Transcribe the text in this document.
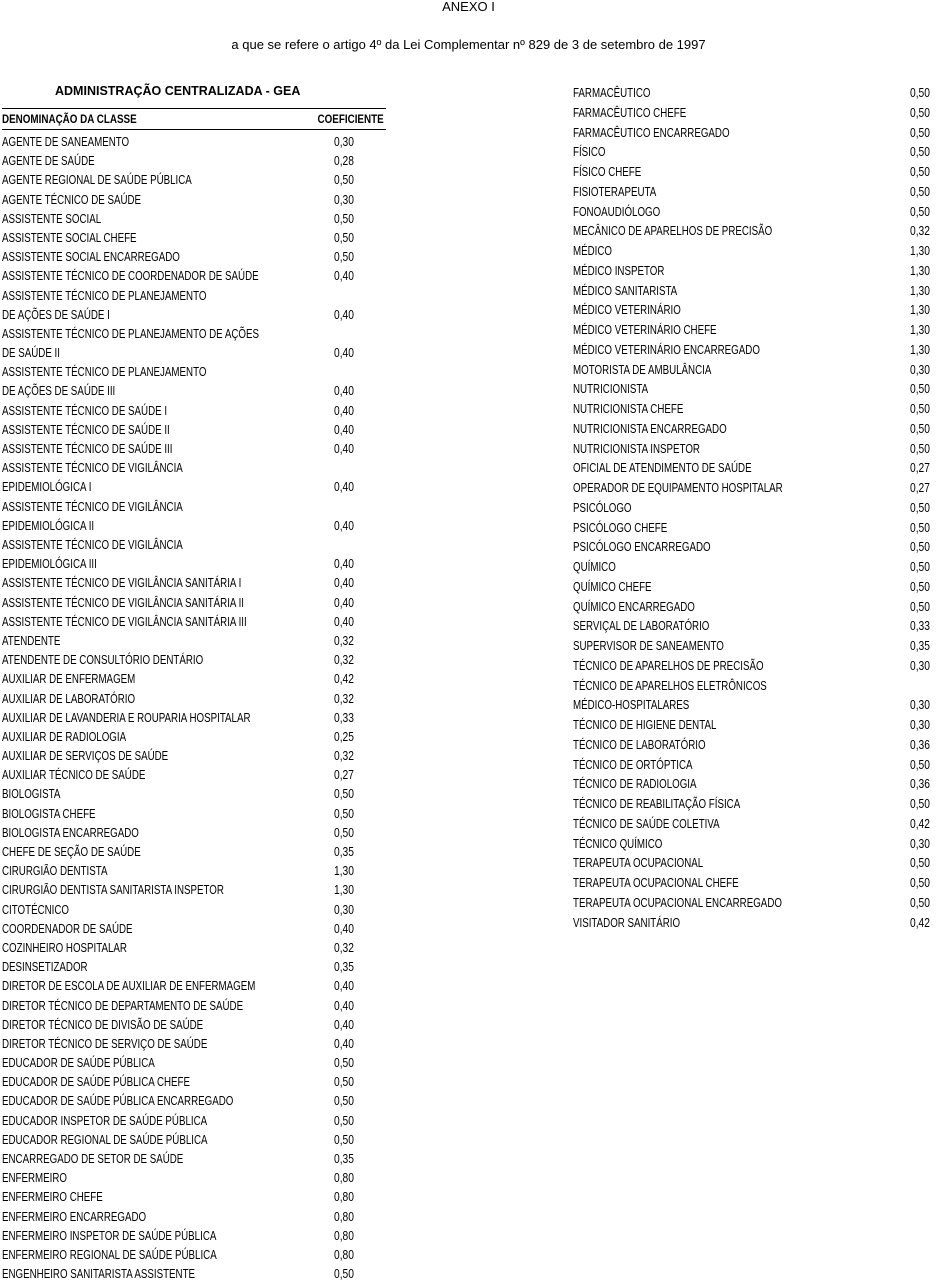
ANEXO I
a que se refere o artigo 4º da Lei Complementar nº 829 de 3 de setembro de 1997
ADMINISTRAÇÃO CENTRALIZADA - GEA
DENOMINAÇÃO DA CLASSE	COEFICIENTE
AGENTE DE SANEAMENTO	0,30
AGENTE DE SAÚDE	0,28
AGENTE REGIONAL DE SAÚDE PÚBLICA	0,50
AGENTE TÉCNICO DE SAÚDE	0,30
ASSISTENTE SOCIAL	0,50
ASSISTENTE SOCIAL CHEFE	0,50
ASSISTENTE SOCIAL ENCARREGADO	0,50
ASSISTENTE TÉCNICO DE COORDENADOR DE SAÚDE	0,40
ASSISTENTE TÉCNICO DE PLANEJAMENTO
DE AÇÕES DE SAÚDE I	0,40
ASSISTENTE TÉCNICO DE PLANEJAMENTO DE AÇÕES
DE SAÚDE II	0,40
ASSISTENTE TÉCNICO DE PLANEJAMENTO
DE AÇÕES DE SAÚDE III	0,40
ASSISTENTE TÉCNICO DE SAÚDE I	0,40
ASSISTENTE TÉCNICO DE SAÚDE II	0,40
ASSISTENTE TÉCNICO DE SAÚDE III	0,40
ASSISTENTE TÉCNICO DE VIGILÂNCIA
EPIDEMIOLÓGICA I	0,40
ASSISTENTE TÉCNICO DE VIGILÂNCIA
EPIDEMIOLÓGICA II	0,40
ASSISTENTE TÉCNICO DE VIGILÂNCIA
EPIDEMIOLÓGICA III	0,40
ASSISTENTE TÉCNICO DE VIGILÂNCIA SANITÁRIA I	0,40
ASSISTENTE TÉCNICO DE VIGILÂNCIA SANITÁRIA II	0,40
ASSISTENTE TÉCNICO DE VIGILÂNCIA SANITÁRIA III	0,40
ATENDENTE	0,32
ATENDENTE DE CONSULTÓRIO DENTÁRIO	0,32
AUXILIAR DE ENFERMAGEM	0,42
AUXILIAR DE LABORATÓRIO	0,32
AUXILIAR DE LAVANDERIA E ROUPARIA HOSPITALAR	0,33
AUXILIAR DE RADIOLOGIA	0,25
AUXILIAR DE SERVIÇOS DE SAÚDE	0,32
AUXILIAR TÉCNICO DE SAÚDE	0,27
BIOLOGISTA	0,50
BIOLOGISTA CHEFE	0,50
BIOLOGISTA ENCARREGADO	0,50
CHEFE DE SEÇÃO DE SAÚDE	0,35
CIRURGIÃO DENTISTA	1,30
CIRURGIÃO DENTISTA SANITARISTA INSPETOR	1,30
CITOTÉCNICO	0,30
COORDENADOR DE SAÚDE	0,40
COZINHEIRO HOSPITALAR	0,32
DESINSETIZADOR	0,35
DIRETOR DE ESCOLA DE AUXILIAR DE ENFERMAGEM	0,40
DIRETOR TÉCNICO DE DEPARTAMENTO DE SAÚDE	0,40
DIRETOR TÉCNICO DE DIVISÃO DE SAÚDE	0,40
DIRETOR TÉCNICO DE SERVIÇO DE SAÚDE	0,40
EDUCADOR DE SAÚDE PÚBLICA	0,50
EDUCADOR DE SAÚDE PÚBLICA CHEFE	0,50
EDUCADOR DE SAÚDE PÚBLICA ENCARREGADO	0,50
EDUCADOR INSPETOR DE SAÚDE PÚBLICA	0,50
EDUCADOR REGIONAL DE SAÚDE PÚBLICA	0,50
ENCARREGADO DE SETOR DE SAÚDE	0,35
ENFERMEIRO	0,80
ENFERMEIRO CHEFE	0,80
ENFERMEIRO ENCARREGADO	0,80
ENFERMEIRO INSPETOR DE SAÚDE PÚBLICA	0,80
ENFERMEIRO REGIONAL DE SAÚDE PÚBLICA	0,80
ENGENHEIRO SANITARISTA ASSISTENTE	0,50
FARMACÊUTICO	0,50
FARMACÊUTICO CHEFE	0,50
FARMACÊUTICO ENCARREGADO	0,50
FÍSICO	0,50
FÍSICO CHEFE	0,50
FISIOTERAPEUTA	0,50
FONOAUDIÓLOGO	0,50
MECÂNICO DE APARELHOS DE PRECISÃO	0,32
MÉDICO	1,30
MÉDICO INSPETOR	1,30
MÉDICO SANITARISTA	1,30
MÉDICO VETERINÁRIO	1,30
MÉDICO VETERINÁRIO CHEFE	1,30
MÉDICO VETERINÁRIO ENCARREGADO	1,30
MOTORISTA DE AMBULÂNCIA	0,30
NUTRICIONISTA	0,50
NUTRICIONISTA CHEFE	0,50
NUTRICIONISTA ENCARREGADO	0,50
NUTRICIONISTA INSPETOR	0,50
OFICIAL DE ATENDIMENTO DE SAÚDE	0,27
OPERADOR DE EQUIPAMENTO HOSPITALAR	0,27
PSICÓLOGO	0,50
PSICÓLOGO CHEFE	0,50
PSICÓLOGO ENCARREGADO	0,50
QUÍMICO	0,50
QUÍMICO CHEFE	0,50
QUÍMICO ENCARREGADO	0,50
SERVIÇAL DE LABORATÓRIO	0,33
SUPERVISOR DE SANEAMENTO	0,35
TÉCNICO DE APARELHOS DE PRECISÃO	0,30
TÉCNICO DE APARELHOS ELETRÔNICOS
MÉDICO-HOSPITALARES	0,30
TÉCNICO DE HIGIENE DENTAL	0,30
TÉCNICO DE LABORATÓRIO	0,36
TÉCNICO DE ORTÓPTICA	0,50
TÉCNICO DE RADIOLOGIA	0,36
TÉCNICO DE REABILITAÇÃO FÍSICA	0,50
TÉCNICO DE SAÚDE COLETIVA	0,42
TÉCNICO QUÍMICO	0,30
TERAPEUTA OCUPACIONAL	0,50
TERAPEUTA OCUPACIONAL CHEFE	0,50
TERAPEUTA OCUPACIONAL ENCARREGADO	0,50
VISITADOR SANITÁRIO	0,42
